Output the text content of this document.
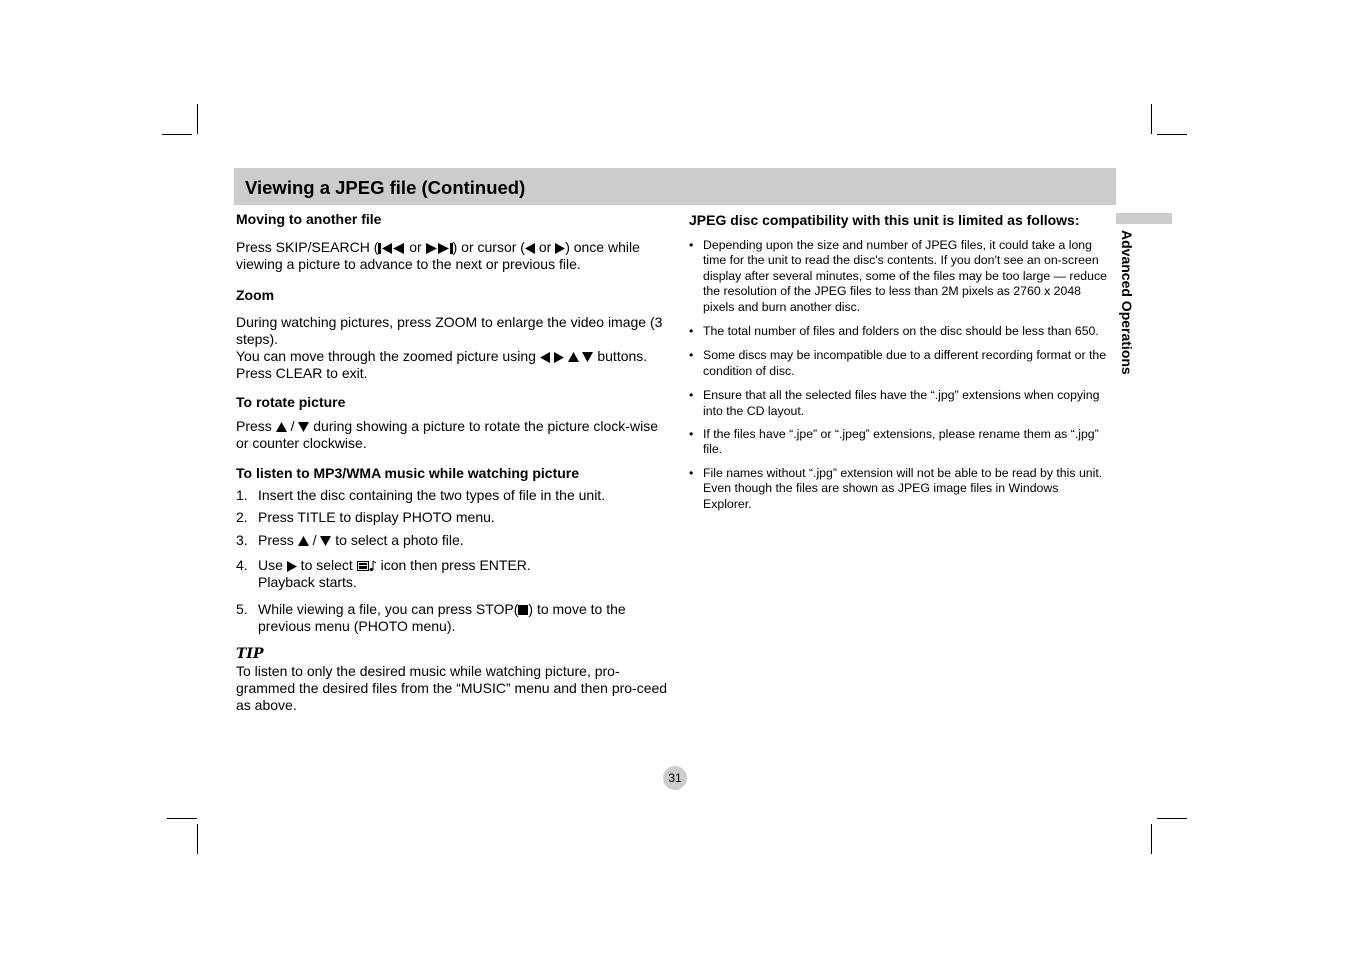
Viewing a JPEG file (Continued)
Advanced Operations
Moving to another file

Press SKIP/SEARCH ( or ) or cursor ( or ) once while viewing a picture to advance to the next or previous file.

Zoom

During watching pictures, press ZOOM to enlarge the video image (3 steps).

You can move through the zoomed picture using	buttons.

Press CLEAR to exit.

To rotate picture

Press  /  during showing a picture to rotate the picture clock-wise or counter clockwise.

To listen to MP3/WMA music while watching picture
1. Insert the disc containing the two types of file in the unit.
2. Press TITLE to display PHOTO menu.
3. Press  /  to select a photo file.
4. Use  to select  icon then press ENTER.
Playback starts.
5. While viewing a file, you can press STOP( ) to move to the previous menu (PHOTO menu).
TIP

To listen to only the desired music while watching picture, pro-grammed the desired files from the “MUSIC” menu and then pro-ceed as above.

JPEG disc compatibility with this unit is limited as follows:
• Depending upon the size and number of JPEG files, it could take a long time for the unit to read the disc's contents. If you don't see an on-screen display after several minutes, some of the files may be too large — reduce the resolution of the JPEG files to less than 2M pixels as 2760 x 2048 pixels and burn another disc.
• The total number of files and folders on the disc should be less than 650.
• Some discs may be incompatible due to a different recording format or the condition of disc.
• Ensure that all the selected files have the “.jpg” extensions when copying into the CD layout.
• If the files have “.jpe” or “.jpeg” extensions, please rename them as “.jpg” file.
• File names without “.jpg” extension will not be able to be read by this unit. Even though the files are shown as JPEG image files in Windows Explorer.
31
